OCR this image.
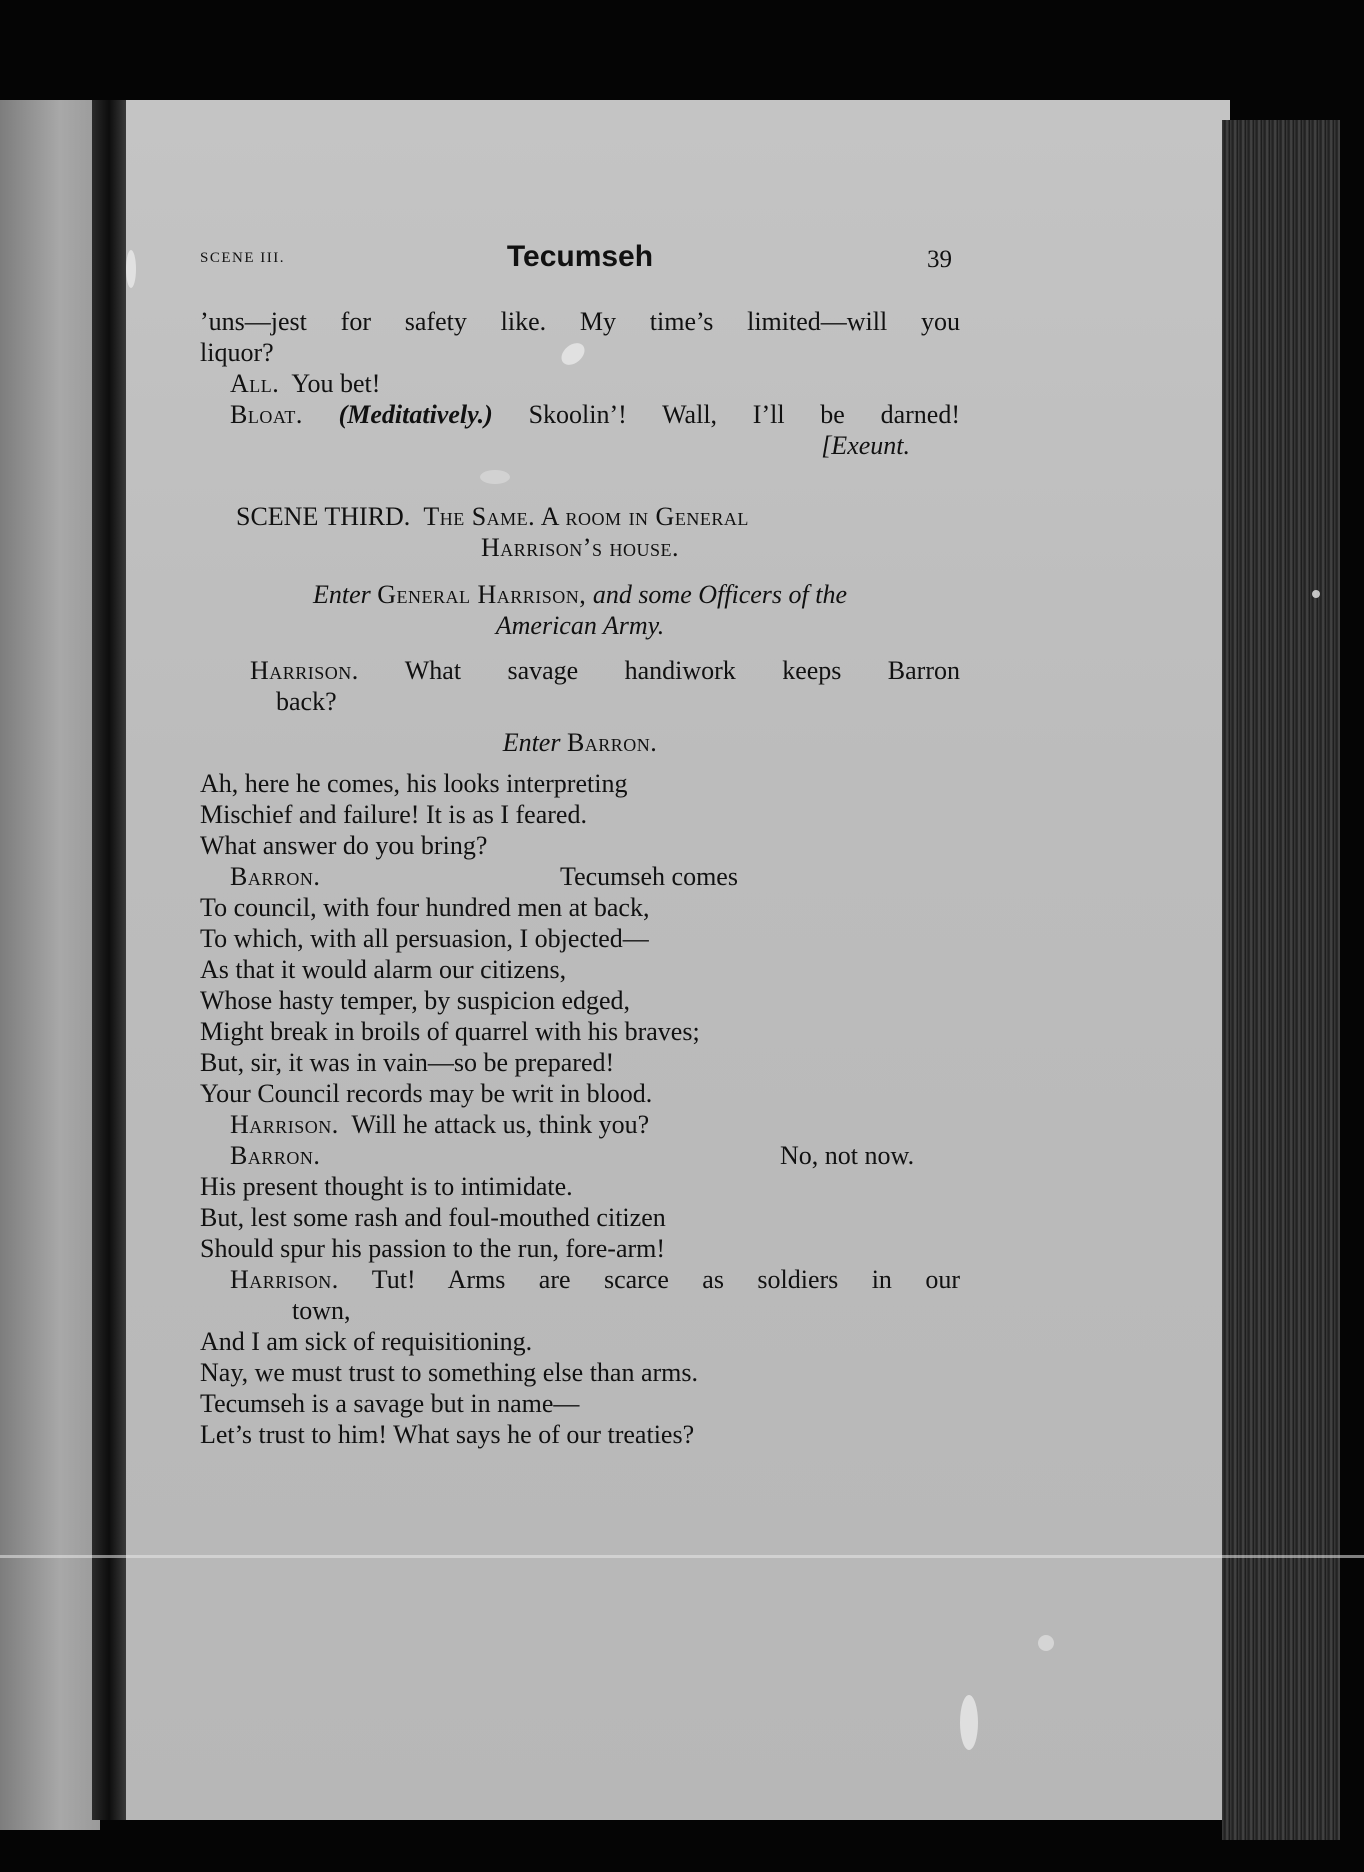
SCENE III.	Tecumseh	39
’uns—jest for safety like. My time’s limited—will you
liquor?
All. You bet!
Bloat. (Meditatively.) Skoolin’! Wall, I’ll be darned!
[Exeunt.
SCENE THIRD. The Same. A room in General
Harrison’s house.
Enter General Harrison, and some Officers of the
American Army.
Harrison. What savage handiwork keeps Barron
back?
Enter Barron.
Ah, here he comes, his looks interpreting
Mischief and failure! It is as I feared.
What answer do you bring?
Barron.	Tecumseh comes
To council, with four hundred men at back,
To which, with all persuasion, I objected—
As that it would alarm our citizens,
Whose hasty temper, by suspicion edged,
Might break in broils of quarrel with his braves;
But, sir, it was in vain—so be prepared!
Your Council records may be writ in blood.
Harrison. Will he attack us, think you?
Barron.	No, not now.
His present thought is to intimidate.
But, lest some rash and foul-mouthed citizen
Should spur his passion to the run, fore-arm!
Harrison. Tut! Arms are scarce as soldiers in our
town,
And I am sick of requisitioning.
Nay, we must trust to something else than arms.
Tecumseh is a savage but in name—
Let’s trust to him! What says he of our treaties?
